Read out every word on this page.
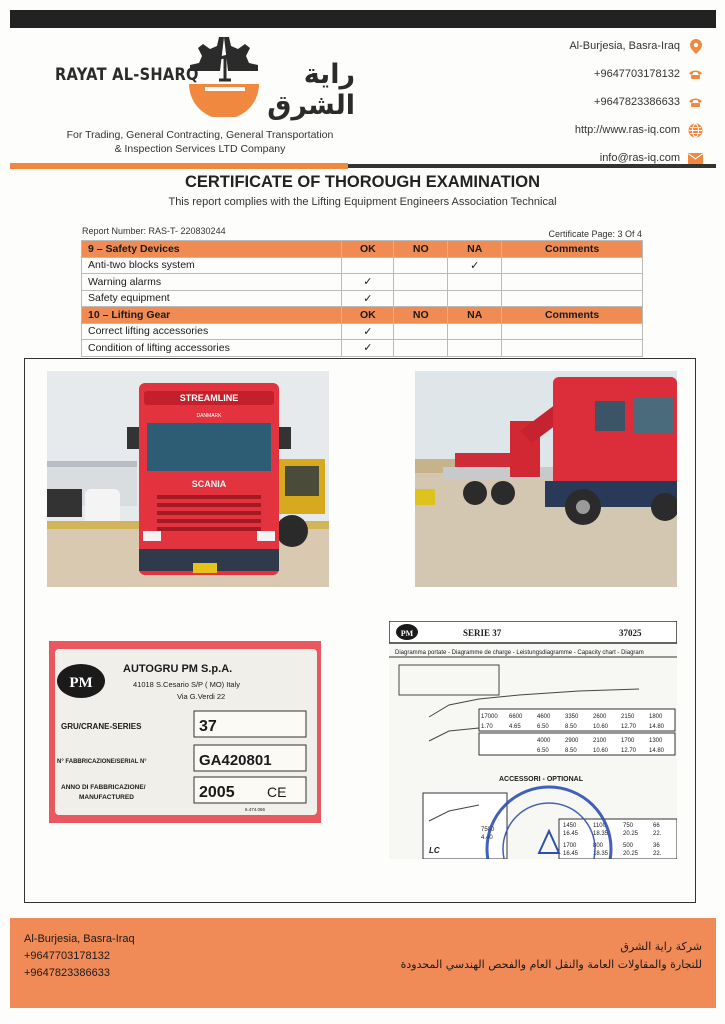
RAYAT AL-SHARQ	راية الشرق
For Trading, General Contracting, General Transportation
& Inspection Services LTD Company
Al-Burjesia, Basra-Iraq
+9647703178132
+9647823386633
http://www.ras-iq.com
info@ras-iq.com
CERTIFICATE OF THOROUGH EXAMINATION
This report complies with the Lifting Equipment Engineers Association Technical
Report Number: RAS-T- 220830244	Certificate Page: 3 Of 4
9 – Safety Devices	OK	NO	NA	Comments
Anti-two blocks system			✓	
Warning alarms	✓			
Safety equipment	✓			
10 – Lifting Gear	OK	NO	NA	Comments
Correct lifting accessories	✓			
Condition of lifting accessories	✓			
STREAMLINE
DANMARK
SCANIA
PM
AUTOGRU PM S.p.A.
41018 S.Cesario S/P ( MO) Italy
Via G.Verdi 22
GRU/CRANE-SERIES	37
N° FABBRICAZIONE/SERIAL N°	GA420801
ANNO DI FABBRICAZIONE/
MANUFACTURED	2005 CE
6.474.066
PM	SERIE 37	37025
Diagramma portate - Diagramme de charge - Leistungsdiagramme - Capacity chart - Diagram
17000 6600 4600 3350 2600 2150 1800
1.70	4.65	6.50	8.50	10.60 12.70 14.80
4000 2900 2100 1700 1300
6.50	8.50	10.60 12.70 14.80
ACCESSORI - OPTIONAL
LC
7500
4.40
1450	1100	750	66
16.45 18.35 20.25 22.
1700	800	500	36
16.45 18.35 20.25 22.
Al-Burjesia, Basra-Iraq
+9647703178132
+9647823386633
شركة راية الشرق
للتجارة والمقاولات العامة والنقل العام والفحص الهندسي المحدودة
